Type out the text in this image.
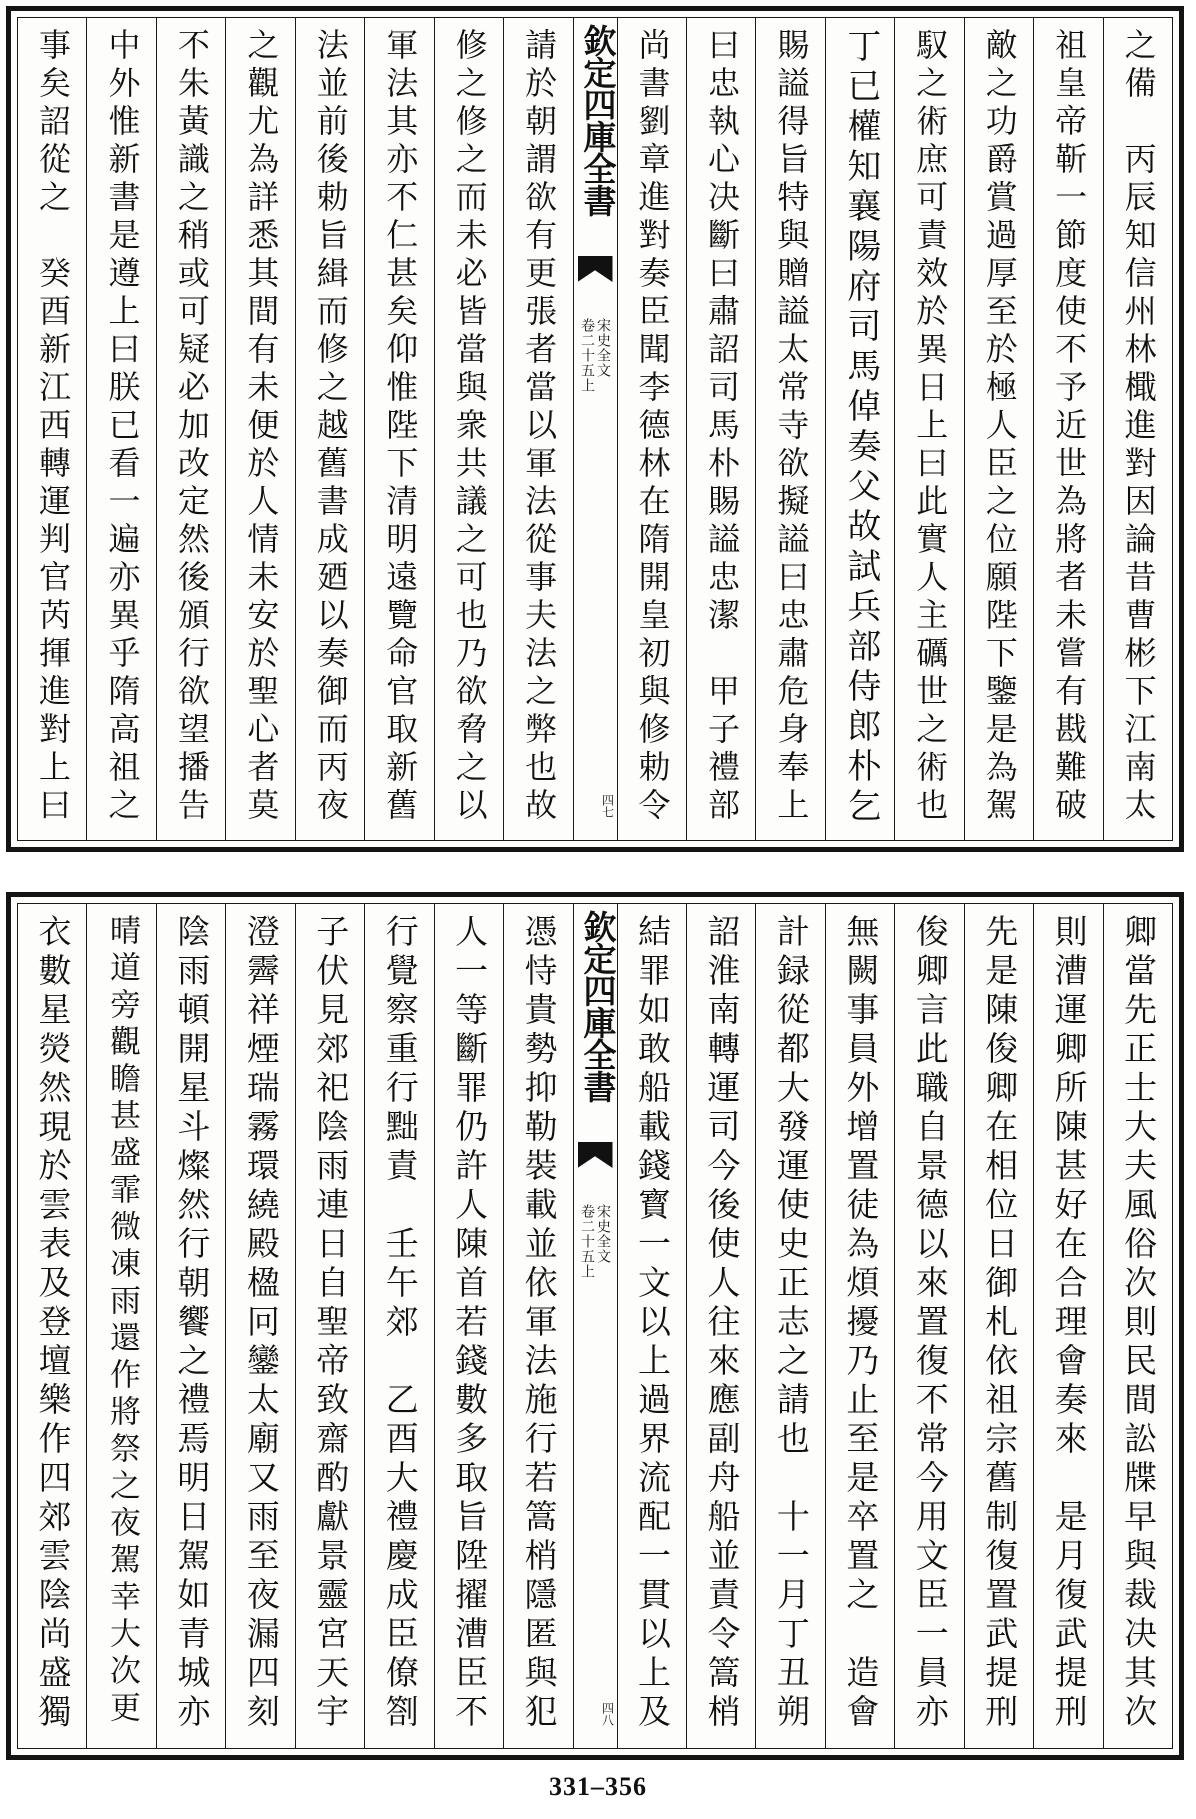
之備　丙辰知信州林檝進對因論昔曹彬下江南太
祖皇帝靳一節度使不予近世為將者未嘗有戡難破
敵之功爵賞過厚至於極人臣之位願陛下鑒是為駕
馭之術庶可責效於異日上曰此實人主礪世之術也
丁已權知襄陽府司馬倬奏父故試兵部侍郎朴乞
賜謚得旨特與贈謚太常寺欲擬謚曰忠肅危身奉上
曰忠執心决斷曰肅詔司馬朴賜謚忠潔　甲子禮部
尚書劉章進對奏臣聞李德林在隋開皇初與修勅令
欽定四庫全書
宋史全文
卷二十五上
四七
請於朝謂欲有更張者當以軍法從事夫法之弊也故
修之修之而未必皆當與衆共議之可也乃欲脅之以
軍法其亦不仁甚矣仰惟陛下清明遠覽命官取新舊
法並前後勅旨緝而修之越舊書成廼以奏御而丙夜
之觀尤為詳悉其間有未便於人情未安於聖心者莫
不朱黃識之稍或可疑必加改定然後頒行欲望播告
中外惟新書是遵上曰朕已看一遍亦異乎隋高祖之
事矣詔從之　癸酉新江西轉運判官芮揮進對上曰
卿當先正士大夫風俗次則民間訟牒早與裁决其次
則漕運卿所陳甚好在合理會奏來　是月復武提刑
先是陳俊卿在相位日御札依祖宗舊制復置武提刑
俊卿言此職自景德以來置復不常今用文臣一員亦
無闕事員外增置徒為煩擾乃止至是卒置之　造會
計録從都大發運使史正志之請也　十一月丁丑朔
詔淮南轉運司今後使人往來應副舟船並責令篙梢
結罪如敢船載錢寳一文以上過界流配一貫以上及
欽定四庫全書
宋史全文
卷二十五上
四八
憑恃貴勢抑勒裝載並依軍法施行若篙梢隱匿與犯
人一等斷罪仍許人陳首若錢數多取旨陞擢漕臣不
行覺察重行黜責　壬午郊　乙酉大禮慶成臣僚劄
子伏見郊祀陰雨連日自聖帝致齋酌獻景靈宮天宇
澄霽祥煙瑞霧環繞殿楹冋鑾太廟又雨至夜漏四刻
陰雨頓開星斗燦然行朝饗之禮焉明日駕如青城亦
晴道旁觀瞻甚盛霏微凍雨還作將祭之夜駕幸大次更
衣數星熒然現於雲表及登壇樂作四郊雲陰尚盛獨
331–356
